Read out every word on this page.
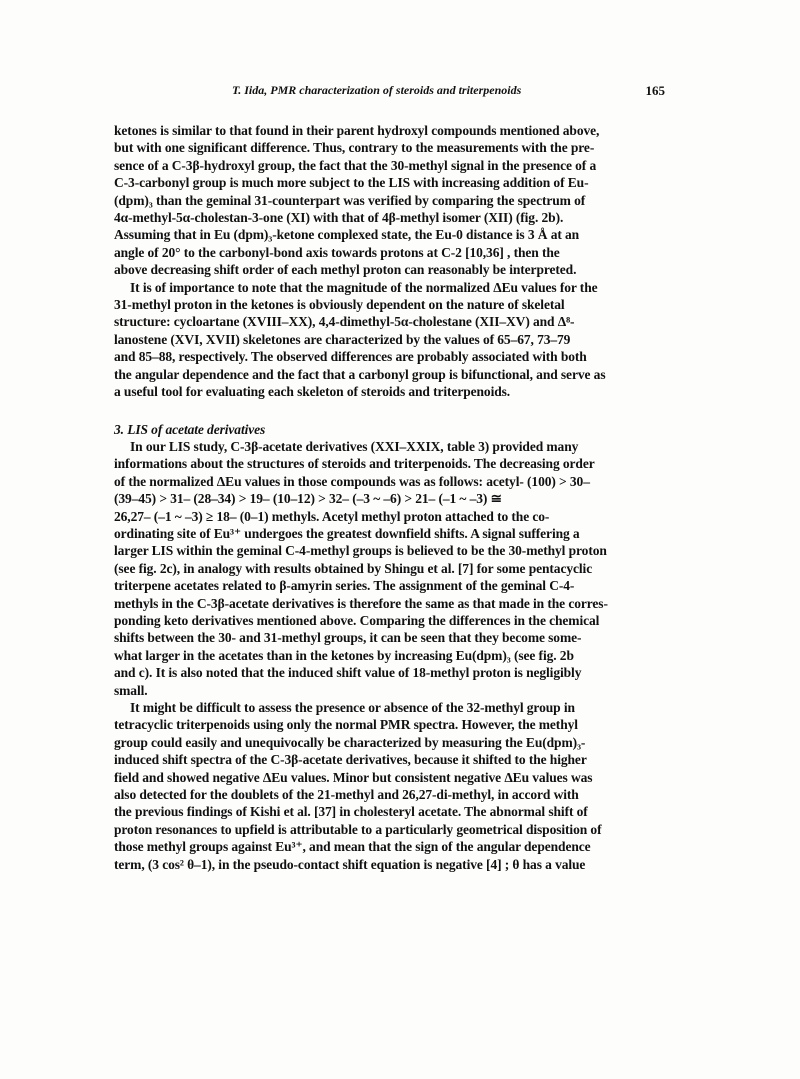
T. Iida, PMR characterization of steroids and triterpenoids	165

ketones is similar to that found in their parent hydroxyl compounds mentioned above,
but with one significant difference. Thus, contrary to the measurements with the pre-
sence of a C-3β-hydroxyl group, the fact that the 30-methyl signal in the presence of a
C-3-carbonyl group is much more subject to the LIS with increasing addition of Eu-
(dpm)₃ than the geminal 31-counterpart was verified by comparing the spectrum of
4α-methyl-5α-cholestan-3-one (XI) with that of 4β-methyl isomer (XII) (fig. 2b).
Assuming that in Eu (dpm)₃-ketone complexed state, the Eu-0 distance is 3 Å at an
angle of 20° to the carbonyl-bond axis towards protons at C-2 [10,36] , then the
above decreasing shift order of each methyl proton can reasonably be interpreted.

It is of importance to note that the magnitude of the normalized ΔEu values for the
31-methyl proton in the ketones is obviously dependent on the nature of skeletal
structure: cycloartane (XVIII–XX), 4,4-dimethyl-5α-cholestane (XII–XV) and Δ⁸-
lanostene (XVI, XVII) skeletones are characterized by the values of 65–67, 73–79
and 85–88, respectively. The observed differences are probably associated with both
the angular dependence and the fact that a carbonyl group is bifunctional, and serve as
a useful tool for evaluating each skeleton of steroids and triterpenoids.

3. LIS of acetate derivatives

In our LIS study, C-3β-acetate derivatives (XXI–XXIX, table 3) provided many
informations about the structures of steroids and triterpenoids. The decreasing order
of the normalized ΔEu values in those compounds was as follows: acetyl- (100) > 30–
(39–45) > 31– (28–34) > 19– (10–12) > 32– (–3 ~ –6) > 21– (–1 ~ –3) ≅
26,27– (–1 ~ –3) ≥ 18– (0–1) methyls. Acetyl methyl proton attached to the co-
ordinating site of Eu³⁺ undergoes the greatest downfield shifts. A signal suffering a
larger LIS within the geminal C-4-methyl groups is believed to be the 30-methyl proton
(see fig. 2c), in analogy with results obtained by Shingu et al. [7] for some pentacyclic
triterpene acetates related to β-amyrin series. The assignment of the geminal C-4-
methyls in the C-3β-acetate derivatives is therefore the same as that made in the corres-
ponding keto derivatives mentioned above. Comparing the differences in the chemical
shifts between the 30- and 31-methyl groups, it can be seen that they become some-
what larger in the acetates than in the ketones by increasing Eu(dpm)₃ (see fig. 2b
and c). It is also noted that the induced shift value of 18-methyl proton is negligibly
small.

It might be difficult to assess the presence or absence of the 32-methyl group in
tetracyclic triterpenoids using only the normal PMR spectra. However, the methyl
group could easily and unequivocally be characterized by measuring the Eu(dpm)₃-
induced shift spectra of the C-3β-acetate derivatives, because it shifted to the higher
field and showed negative ΔEu values. Minor but consistent negative ΔEu values was
also detected for the doublets of the 21-methyl and 26,27-di-methyl, in accord with
the previous findings of Kishi et al. [37] in cholesteryl acetate. The abnormal shift of
proton resonances to upfield is attributable to a particularly geometrical disposition of
those methyl groups against Eu³⁺, and mean that the sign of the angular dependence
term, (3 cos² θ–1), in the pseudo-contact shift equation is negative [4] ; θ has a value
